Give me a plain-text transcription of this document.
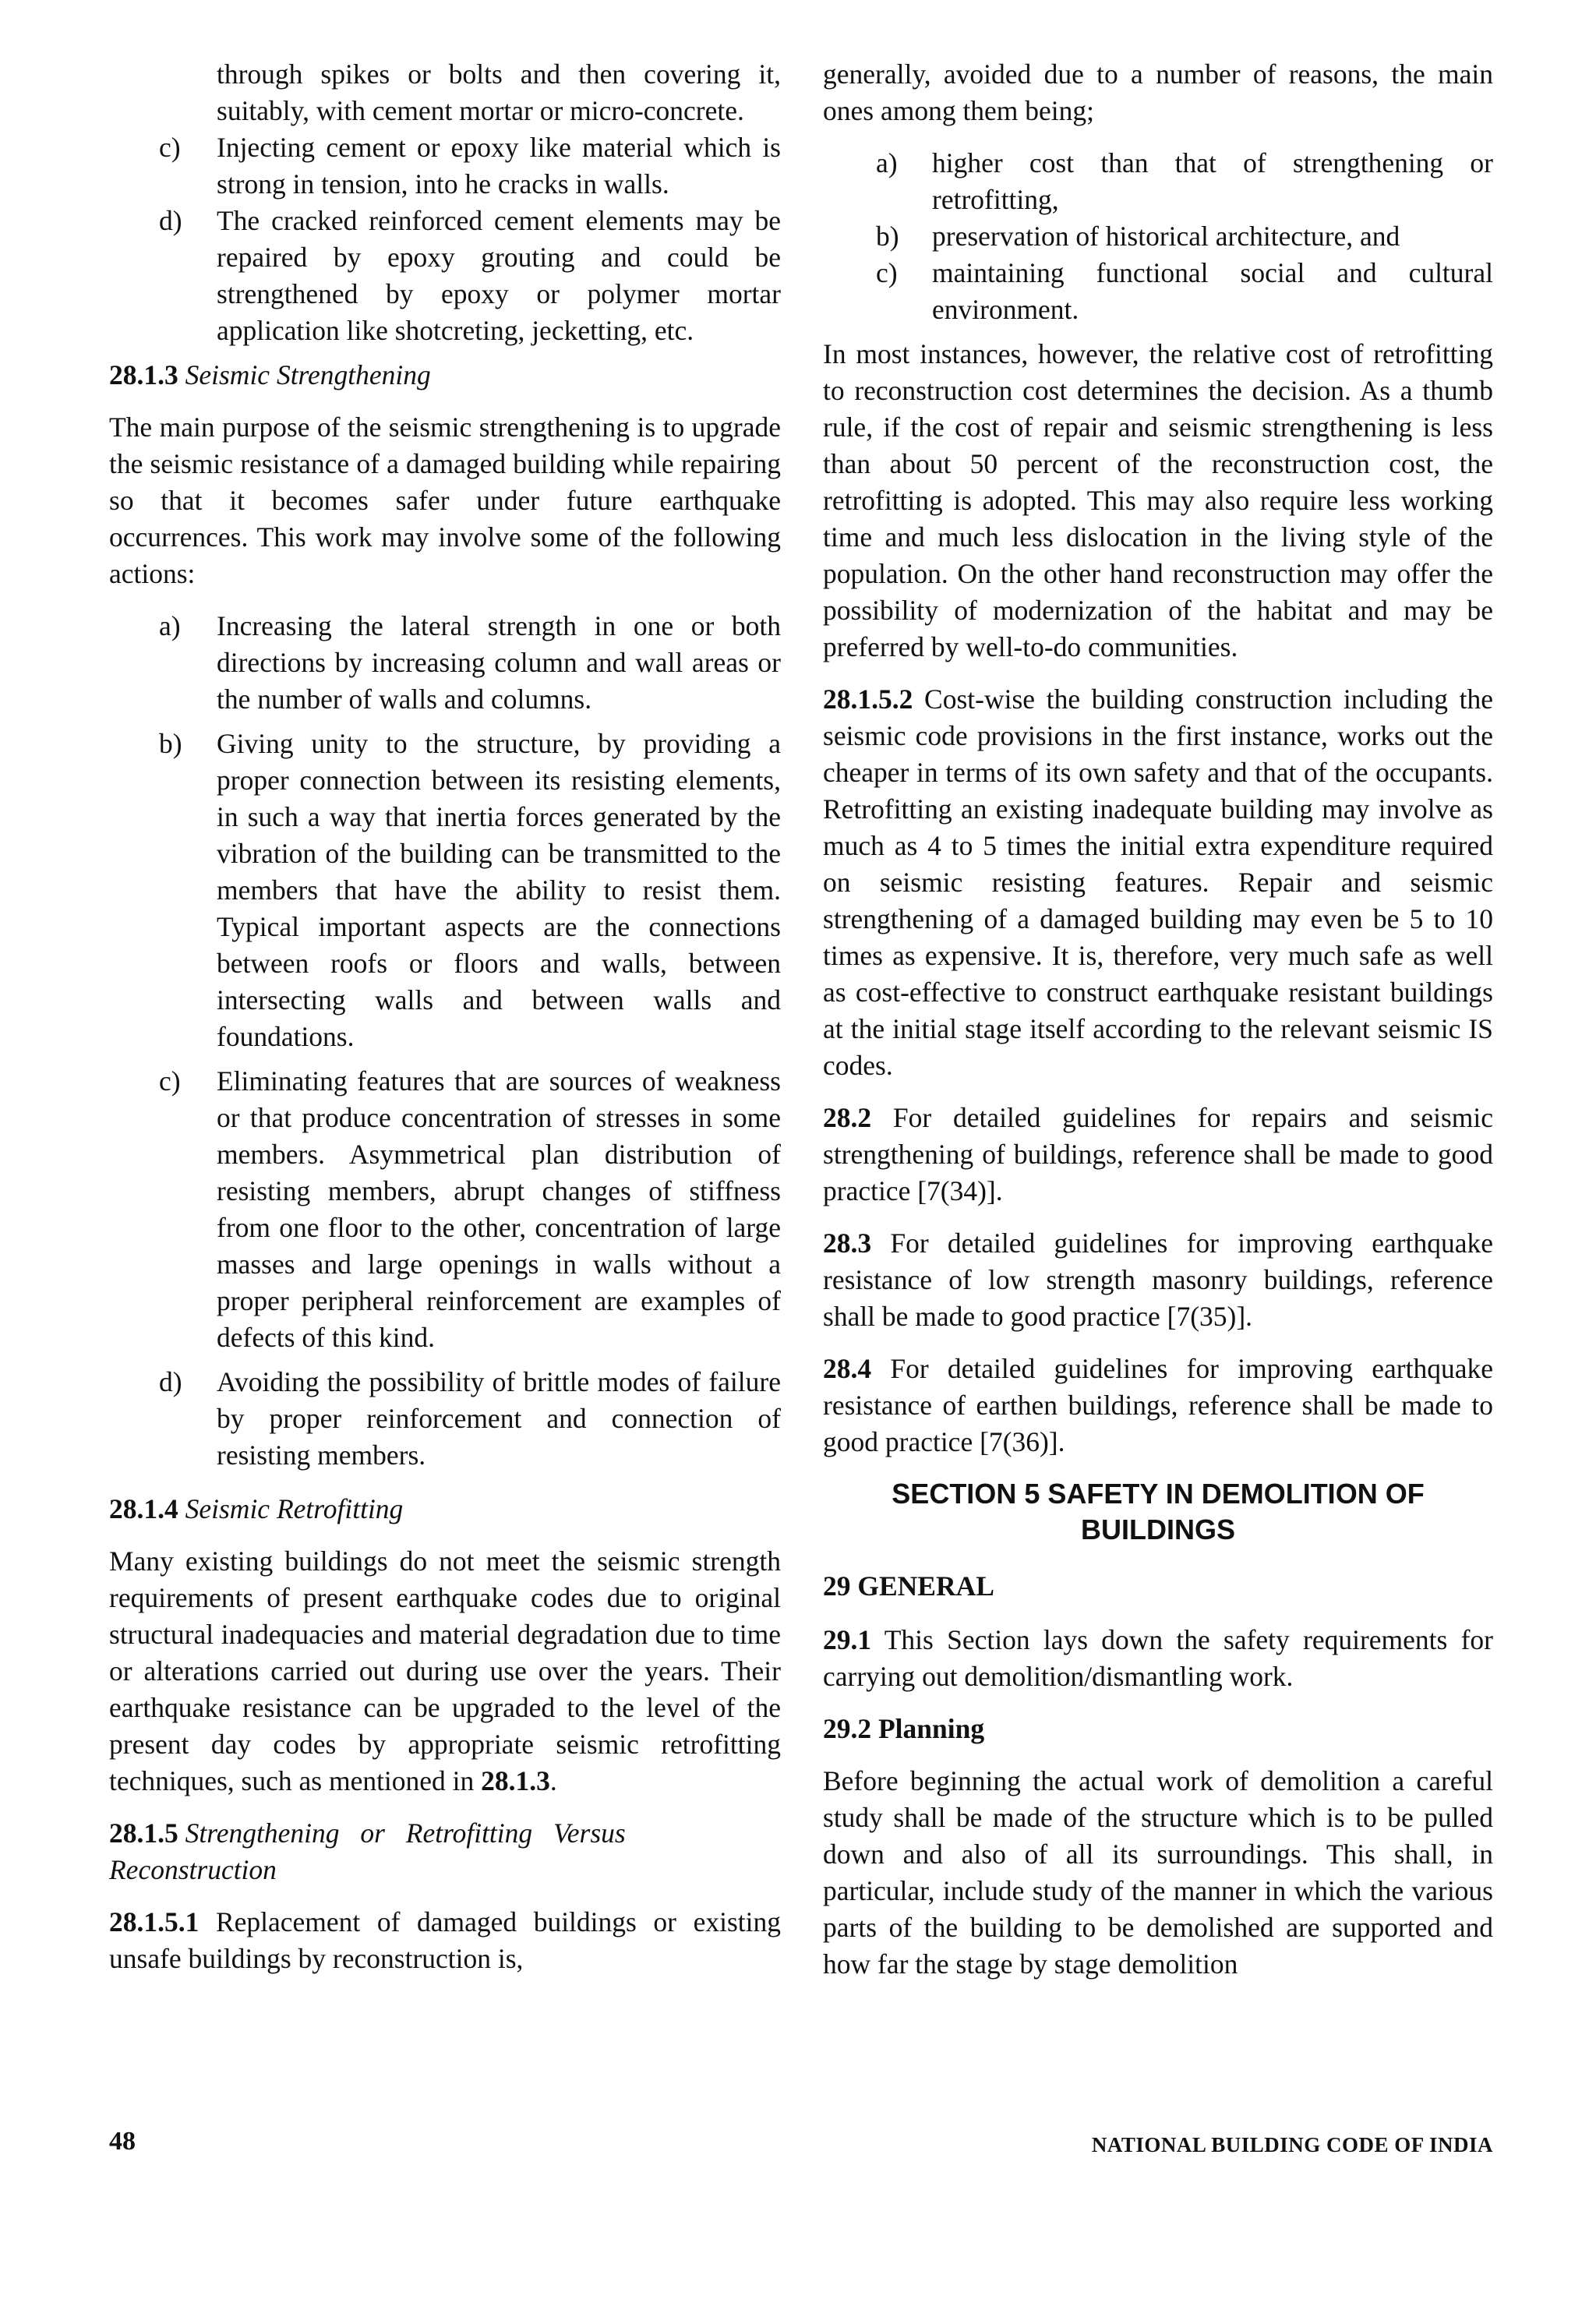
through spikes or bolts and then covering it, suitably, with cement mortar or micro-concrete.

c) Injecting cement or epoxy like material which is strong in tension, into he cracks in walls.
d) The cracked reinforced cement elements may be repaired by epoxy grouting and could be strengthened by epoxy or polymer mortar application like shotcreting, jecketting, etc.

28.1.3 Seismic Strengthening

The main purpose of the seismic strengthening is to upgrade the seismic resistance of a damaged building while repairing so that it becomes safer under future earthquake occurrences. This work may involve some of the following actions:

a) Increasing the lateral strength in one or both directions by increasing column and wall areas or the number of walls and columns.
b) Giving unity to the structure, by providing a proper connection between its resisting elements, in such a way that inertia forces generated by the vibration of the building can be transmitted to the members that have the ability to resist them. Typical important aspects are the connections between roofs or floors and walls, between intersecting walls and between walls and foundations.
c) Eliminating features that are sources of weakness or that produce concentration of stresses in some members. Asymmetrical plan distribution of resisting members, abrupt changes of stiffness from one floor to the other, concentration of large masses and large openings in walls without a proper peripheral reinforcement are examples of defects of this kind.
d) Avoiding the possibility of brittle modes of failure by proper reinforcement and connection of resisting members.

28.1.4 Seismic Retrofitting

Many existing buildings do not meet the seismic strength requirements of present earthquake codes due to original structural inadequacies and material degradation due to time or alterations carried out during use over the years. Their earthquake resistance can be upgraded to the level of the present day codes by appropriate seismic retrofitting techniques, such as mentioned in 28.1.3.

28.1.5 Strengthening or Retrofitting Versus Reconstruction

28.1.5.1 Replacement of damaged buildings or existing unsafe buildings by reconstruction is,

generally, avoided due to a number of reasons, the main ones among them being;

a) higher cost than that of strengthening or retrofitting,
b) preservation of historical architecture, and
c) maintaining functional social and cultural environment.

In most instances, however, the relative cost of retrofitting to reconstruction cost determines the decision. As a thumb rule, if the cost of repair and seismic strengthening is less than about 50 percent of the reconstruction cost, the retrofitting is adopted. This may also require less working time and much less dislocation in the living style of the population. On the other hand reconstruction may offer the possibility of modernization of the habitat and may be preferred by well-to-do communities.

28.1.5.2 Cost-wise the building construction including the seismic code provisions in the first instance, works out the cheaper in terms of its own safety and that of the occupants. Retrofitting an existing inadequate building may involve as much as 4 to 5 times the initial extra expenditure required on seismic resisting features. Repair and seismic strengthening of a damaged building may even be 5 to 10 times as expensive. It is, therefore, very much safe as well as cost-effective to construct earthquake resistant buildings at the initial stage itself according to the relevant seismic IS codes.

28.2 For detailed guidelines for repairs and seismic strengthening of buildings, reference shall be made to good practice [7(34)].

28.3 For detailed guidelines for improving earthquake resistance of low strength masonry buildings, reference shall be made to good practice [7(35)].

28.4 For detailed guidelines for improving earthquake resistance of earthen buildings, reference shall be made to good practice [7(36)].

SECTION 5 SAFETY IN DEMOLITION OF BUILDINGS

29 GENERAL

29.1 This Section lays down the safety requirements for carrying out demolition/dismantling work.

29.2 Planning

Before beginning the actual work of demolition a careful study shall be made of the structure which is to be pulled down and also of all its surroundings. This shall, in particular, include study of the manner in which the various parts of the building to be demolished are supported and how far the stage by stage demolition

48	NATIONAL BUILDING CODE OF INDIA
